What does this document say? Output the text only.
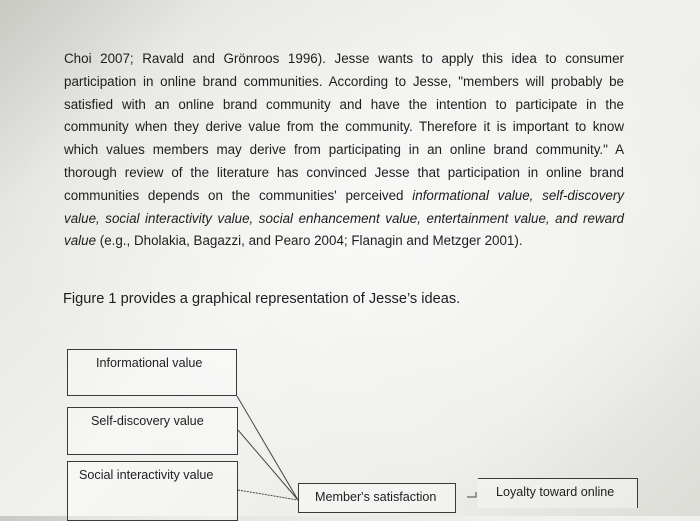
Choi 2007; Ravald and Grönroos 1996). Jesse wants to apply this idea to consumer
participation in online brand communities. According to Jesse, "members will probably be
satisfied with an online brand community and have the intention to participate in the
community when they derive value from the community. Therefore it is important to know
which values members may derive from participating in an online brand community." A
thorough review of the literature has convinced Jesse that participation in online brand
communities depends on the communities' perceived informational value, self-discovery
value, social interactivity value, social enhancement value, entertainment value, and reward
value (e.g., Dholakia, Bagazzi, and Pearo 2004; Flanagin and Metzger 2001).

Figure 1 provides a graphical representation of Jesse’s ideas.

Informational value
Self-discovery value
Social interactivity value
Member's satisfaction	Loyalty toward online
